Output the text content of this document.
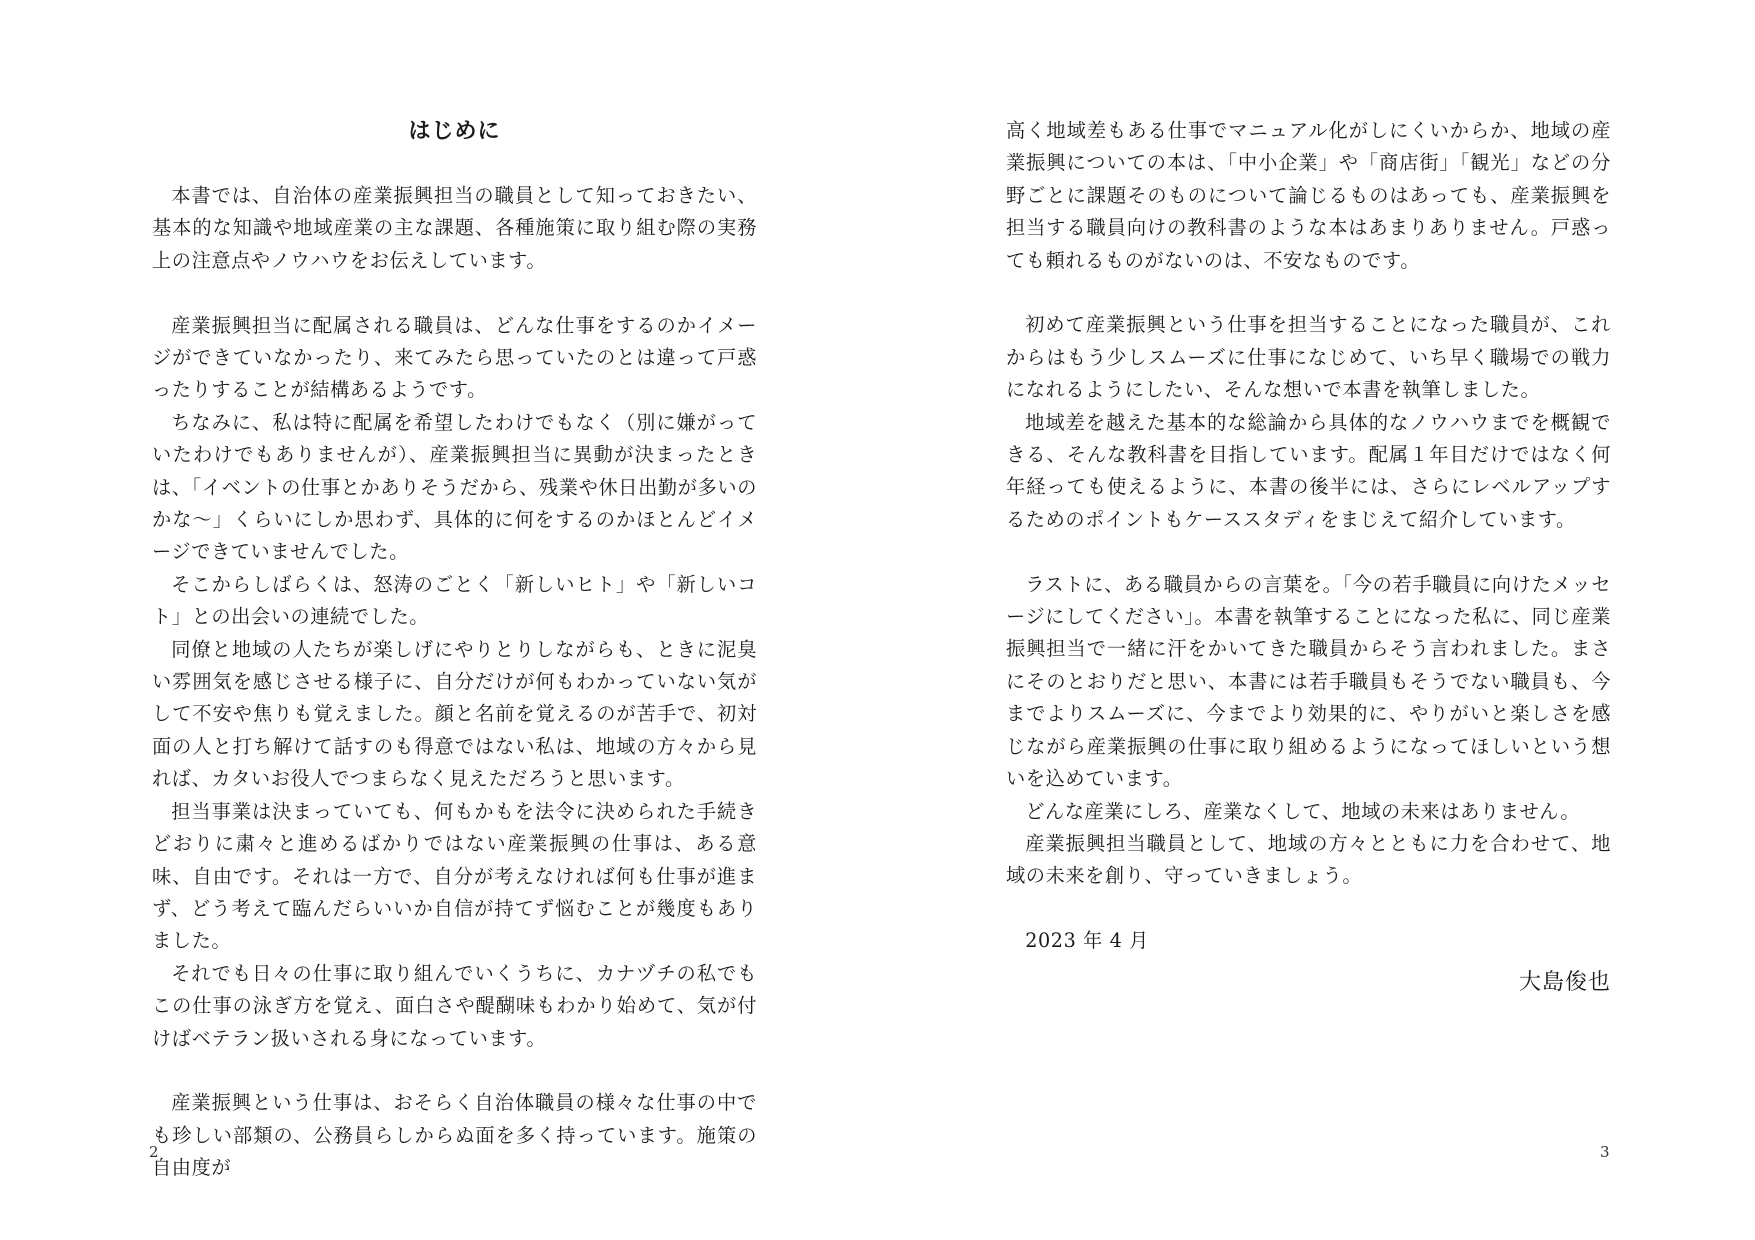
はじめに

本書では、自治体の産業振興担当の職員として知っておきたい、基本的な知識や地域産業の主な課題、各種施策に取り組む際の実務上の注意点やノウハウをお伝えしています。

産業振興担当に配属される職員は、どんな仕事をするのかイメージができていなかったり、来てみたら思っていたのとは違って戸惑ったりすることが結構あるようです。

ちなみに、私は特に配属を希望したわけでもなく（別に嫌がっていたわけでもありませんが）、産業振興担当に異動が決まったときは、「イベントの仕事とかありそうだから、残業や休日出勤が多いのかな～」くらいにしか思わず、具体的に何をするのかほとんどイメージできていませんでした。

そこからしばらくは、怒涛のごとく「新しいヒト」や「新しいコト」との出会いの連続でした。

同僚と地域の人たちが楽しげにやりとりしながらも、ときに泥臭い雰囲気を感じさせる様子に、自分だけが何もわかっていない気がして不安や焦りも覚えました。顔と名前を覚えるのが苦手で、初対面の人と打ち解けて話すのも得意ではない私は、地域の方々から見れば、カタいお役人でつまらなく見えただろうと思います。

担当事業は決まっていても、何もかもを法令に決められた手続きどおりに粛々と進めるばかりではない産業振興の仕事は、ある意味、自由です。それは一方で、自分が考えなければ何も仕事が進まず、どう考えて臨んだらいいか自信が持てず悩むことが幾度もありました。

それでも日々の仕事に取り組んでいくうちに、カナヅチの私でもこの仕事の泳ぎ方を覚え、面白さや醍醐味もわかり始めて、気が付けばベテラン扱いされる身になっています。

産業振興という仕事は、おそらく自治体職員の様々な仕事の中でも珍しい部類の、公務員らしからぬ面を多く持っています。施策の自由度が

2

高く地域差もある仕事でマニュアル化がしにくいからか、地域の産業振興についての本は、「中小企業」や「商店街」「観光」などの分野ごとに課題そのものについて論じるものはあっても、産業振興を担当する職員向けの教科書のような本はあまりありません。戸惑っても頼れるものがないのは、不安なものです。

初めて産業振興という仕事を担当することになった職員が、これからはもう少しスムーズに仕事になじめて、いち早く職場での戦力になれるようにしたい、そんな想いで本書を執筆しました。

地域差を越えた基本的な総論から具体的なノウハウまでを概観できる、そんな教科書を目指しています。配属１年目だけではなく何年経っても使えるように、本書の後半には、さらにレベルアップするためのポイントもケーススタディをまじえて紹介しています。

ラストに、ある職員からの言葉を。「今の若手職員に向けたメッセージにしてください」。本書を執筆することになった私に、同じ産業振興担当で一緒に汗をかいてきた職員からそう言われました。まさにそのとおりだと思い、本書には若手職員もそうでない職員も、今までよりスムーズに、今までより効果的に、やりがいと楽しさを感じながら産業振興の仕事に取り組めるようになってほしいという想いを込めています。

どんな産業にしろ、産業なくして、地域の未来はありません。

産業振興担当職員として、地域の方々とともに力を合わせて、地域の未来を創り、守っていきましょう。

2023 年 4 月

大島俊也

3
